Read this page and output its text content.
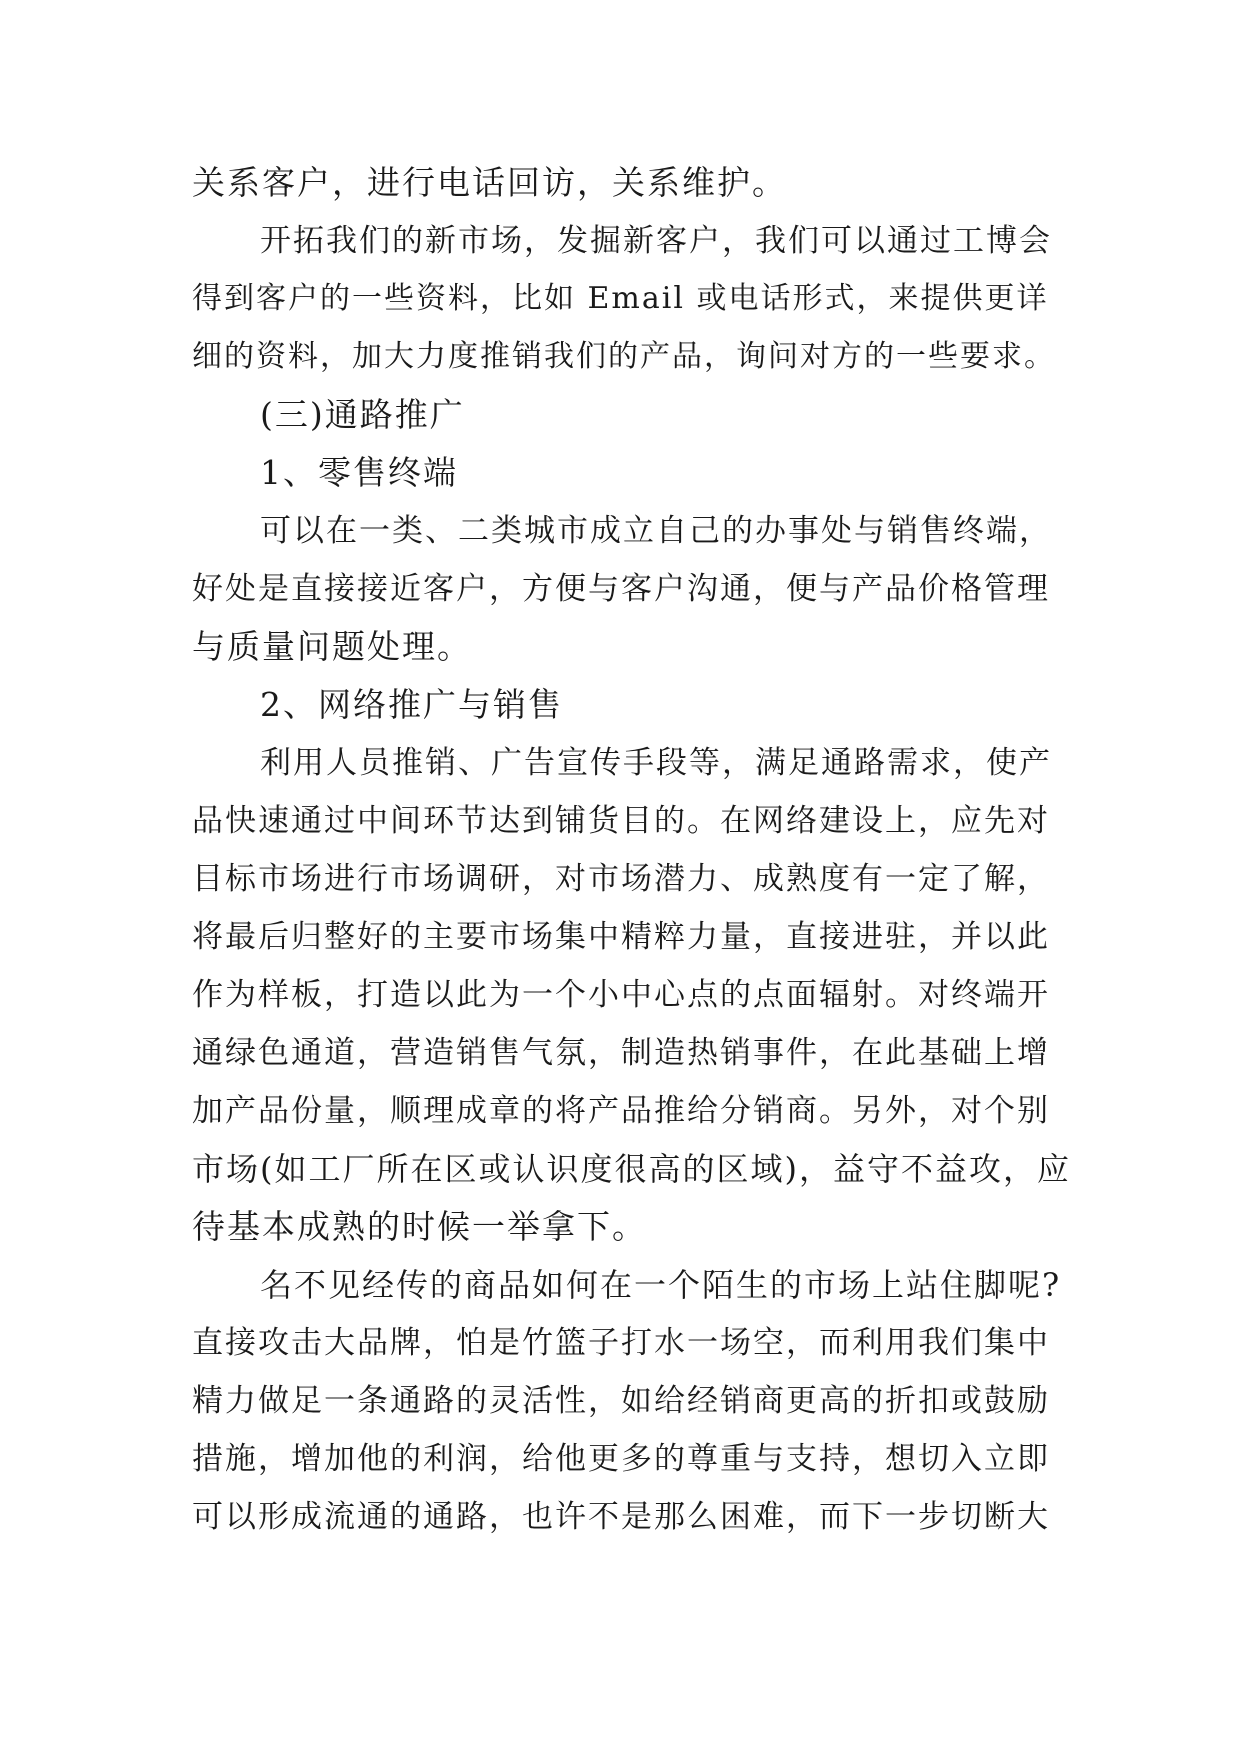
关系客户，进行电话回访，关系维护。
开拓我们的新市场，发掘新客户，我们可以通过工博会
得到客户的一些资料，比如 Email 或电话形式，来提供更详
细的资料，加大力度推销我们的产品，询问对方的一些要求。
(三)通路推广
1、零售终端
可以在一类、二类城市成立自己的办事处与销售终端，
好处是直接接近客户，方便与客户沟通，便与产品价格管理
与质量问题处理。
2、网络推广与销售
利用人员推销、广告宣传手段等，满足通路需求，使产
品快速通过中间环节达到铺货目的。在网络建设上，应先对
目标市场进行市场调研，对市场潜力、成熟度有一定了解，
将最后归整好的主要市场集中精粹力量，直接进驻，并以此
作为样板，打造以此为一个小中心点的点面辐射。对终端开
通绿色通道，营造销售气氛，制造热销事件，在此基础上增
加产品份量，顺理成章的将产品推给分销商。另外，对个别
市场(如工厂所在区或认识度很高的区域)，益守不益攻，应
待基本成熟的时候一举拿下。
名不见经传的商品如何在一个陌生的市场上站住脚呢?
直接攻击大品牌，怕是竹篮子打水一场空，而利用我们集中
精力做足一条通路的灵活性，如给经销商更高的折扣或鼓励
措施，增加他的利润，给他更多的尊重与支持，想切入立即
可以形成流通的通路，也许不是那么困难，而下一步切断大
